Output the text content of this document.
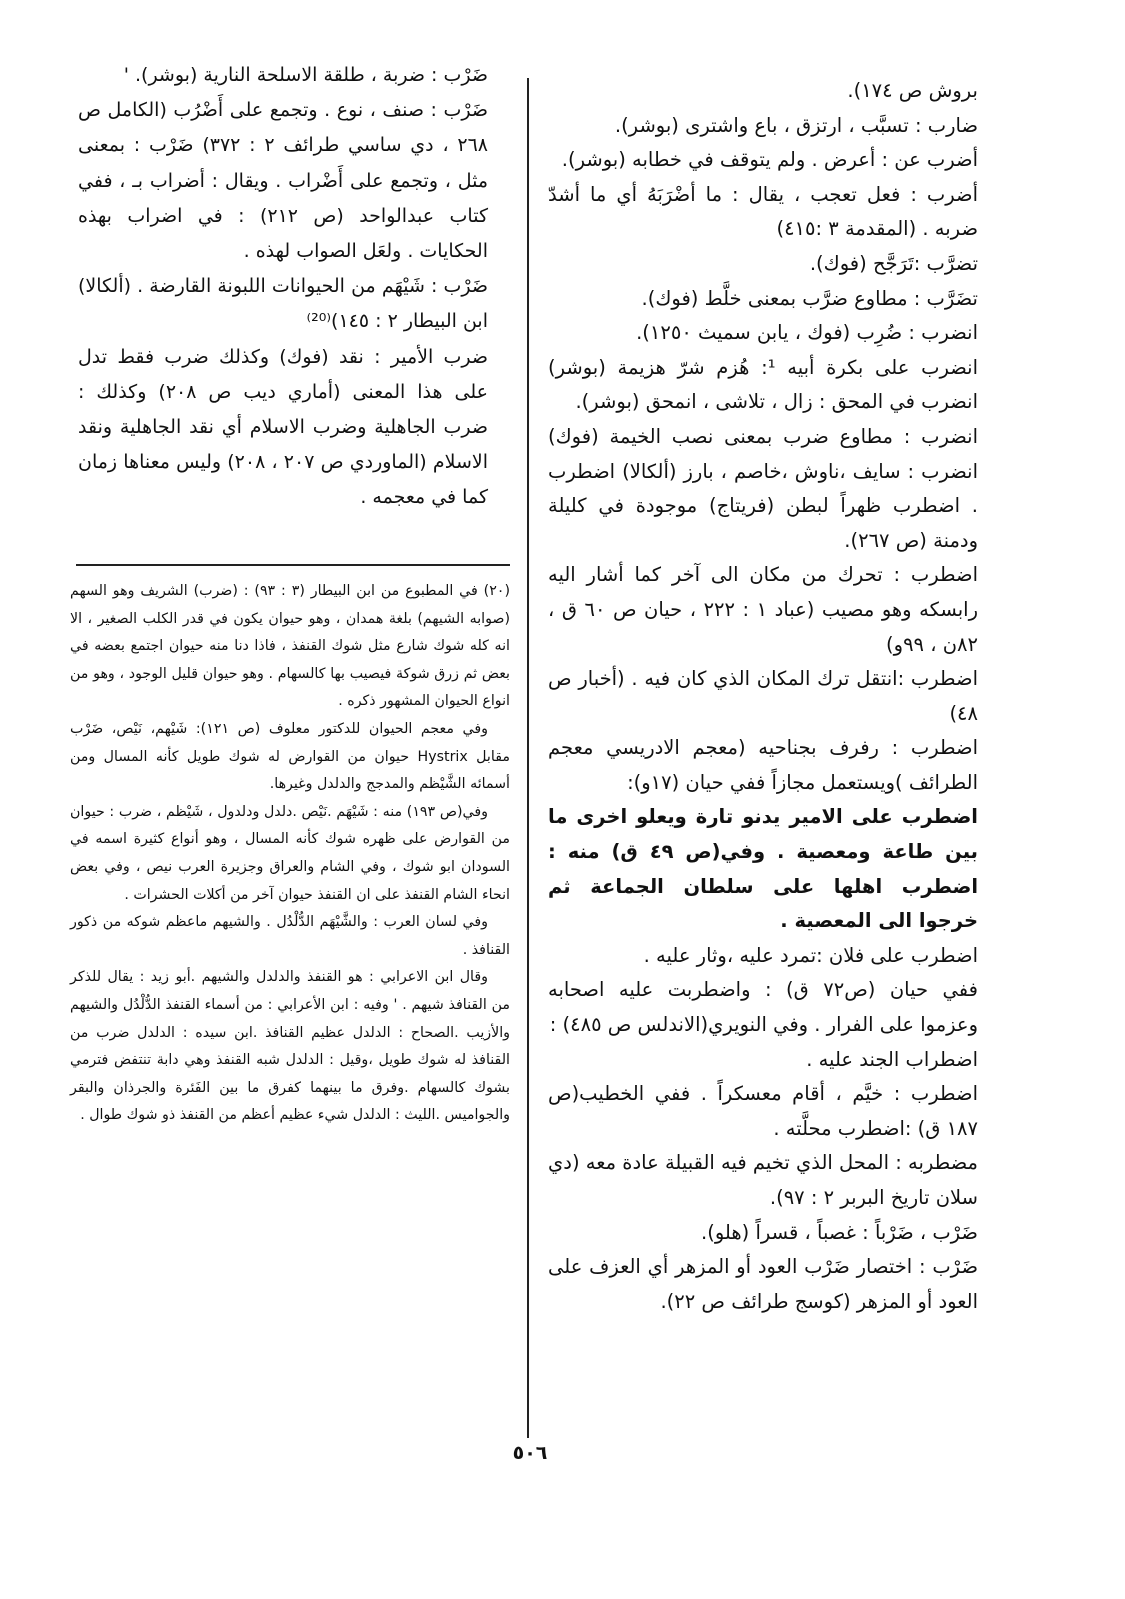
بروش ص ١٧٤).

ضارب : تسبَّب ، ارتزق ، باع واشترى (بوشر).

أضرب عن : أعرض . ولم يتوقف في خطابه (بوشر).

أضرب : فعل تعجب ، يقال : ما أضْرَبَهُ أي ما أشدّ ضربه . (المقدمة ٣ :٤١٥)

تضرَّب :تَرَجَّح (فوك).

تضَرَّب : مطاوع ضرَّب بمعنى خلَّط (فوك).

انضرب : ضُرِب (فوك ، يابن سميث ١٢٥٠).

انضرب على بكرة أبيه ¹: هُزم شرّ هزيمة (بوشر) انضرب في المحق : زال ، تلاشى ، انمحق (بوشر).

انضرب : مطاوع ضرب بمعنى نصب الخيمة (فوك) انضرب : سايف ،ناوش ،خاصم ، بارز (ألكالا) اضطرب . اضطرب ظهراً لبطن (فريتاج) موجودة في كليلة ودمنة (ص ٢٦٧).

اضطرب : تحرك من مكان الى آخر كما أشار اليه رابسكه وهو مصيب (عباد ١ : ٢٢٢ ، حيان ص ٦٠ ق ، ٨٢ن ، ٩٩و)

اضطرب :انتقل ترك المكان الذي كان فيه . (أخبار ص ٤٨)

اضطرب : رفرف بجناحيه (معجم الادريسي معجم الطرائف )ويستعمل مجازاً ففي حيان (١٧و):

اضطرب على الامير يدنو تارة ويعلو اخرى ما بين طاعة ومعصية . وفي(ص ٤٩ ق) منه : اضطرب اهلها على سلطان الجماعة ثم خرجوا الى المعصية .

اضطرب على فلان :تمرد عليه ،وثار عليه .

ففي حيان (ص٧٢ ق) : واضطربت عليه اصحابه وعزموا على الفرار . وفي النويري(الاندلس ص ٤٨٥) :

اضطراب الجند عليه .

اضطرب : خيَّم ، أقام معسكراً . ففي الخطيب(ص ١٨٧ ق) :اضطرب محلَّته .

مضطربه : المحل الذي تخيم فيه القبيلة عادة معه (دي سلان تاريخ البربر ٢ : ٩٧).

ضَرْب ، ضَرْباً : غصباً ، قسراً (هلو).

ضَرْب : اختصار ضَرْب العود أو المزهر أي العزف على العود أو المزهر (كوسج طرائف ص ٢٢).

ضَرْب : ضربة ، طلقة الاسلحة النارية (بوشر). '

ضَرْب : صنف ، نوع . وتجمع على أَضْرُب (الكامل ص ٢٦٨ ، دي ساسي طرائف ٢ : ٣٧٢) ضَرْب : بمعنى مثل ، وتجمع على أَضْراب . ويقال : أضراب بـ ، ففي كتاب عبدالواحد (ص ٢١٢) : في اضراب بهذه الحكايات . ولعَل الصواب لهذه .

ضَرْب : شَيْهَم من الحيوانات اللبونة القارضة . (ألكالا) ابن البيطار ٢ : ١٤٥)⁽²⁰⁾

ضرب الأمير : نقد (فوك) وكذلك ضرب فقط تدل على هذا المعنى (أماري ديب ص ٢٠٨) وكذلك : ضرب الجاهلية وضرب الاسلام أي نقد الجاهلية ونقد الاسلام (الماوردي ص ٢٠٧ ، ٢٠٨) وليس معناها زمان كما في معجمه .

(٢٠) في المطبوع من ابن البيطار (٣ : ٩٣) : (ضرب) الشريف وهو السهم (صوابه الشيهم) بلغة همدان ، وهو حيوان يكون في قدر الكلب الصغير ، الا انه كله شوك شارع مثل شوك القنفذ ، فاذا دنا منه حيوان اجتمع بعضه في بعض ثم زرق شوكة فيصيب بها كالسهام . وهو حيوان قليل الوجود ، وهو من انواع الحيوان المشهور ذكره .

وفي معجم الحيوان للدكتور معلوف (ص ١٢١): شَيْهم، نَيْص، ضَرْب مقابل Hystrix حيوان من القوارض له شوك طويل كأنه المسال ومن أسمائه الشَّيْظم والمدجج والدلدل وغيرها.

وفي(ص ١٩٣) منه : شَيْهَم .نَيْص .دلدل ودلدول ، شَيْظم ، ضرب : حيوان من القوارض على ظهره شوك كأنه المسال ، وهو أنواع كثيرة اسمه في السودان ابو شوك ، وفي الشام والعراق وجزيرة العرب نيص ، وفي بعض انحاء الشام القنفذ على ان القنفذ حيوان آخر من أكلات الحشرات .

وفي لسان العرب : والشَّيْهَم الدُّلْدُل . والشيهم ماعظم شوكه من ذكور القنافذ .

وقال ابن الاعرابي : هو القنفذ والدلدل والشيهم .أبو زيد : يقال للذكر من القنافذ شيهم . ' وفيه : ابن الأعرابي : من أسماء القنفذ الدُّلْدُل والشيهم والأزيب .الصحاح : الدلدل عظيم القنافذ .ابن سيده : الدلدل ضرب من القنافذ له شوك طويل ،وقيل : الدلدل شبه القنفذ وهي دابة تنتفض فترمي بشوك كالسهام .وفرق ما بينهما كفرق ما بين الفَئرة والجرذان والبقر والجواميس .الليث : الدلدل شيء عظيم أعظم من القنفذ ذو شوك طوال .

٥٠٦
